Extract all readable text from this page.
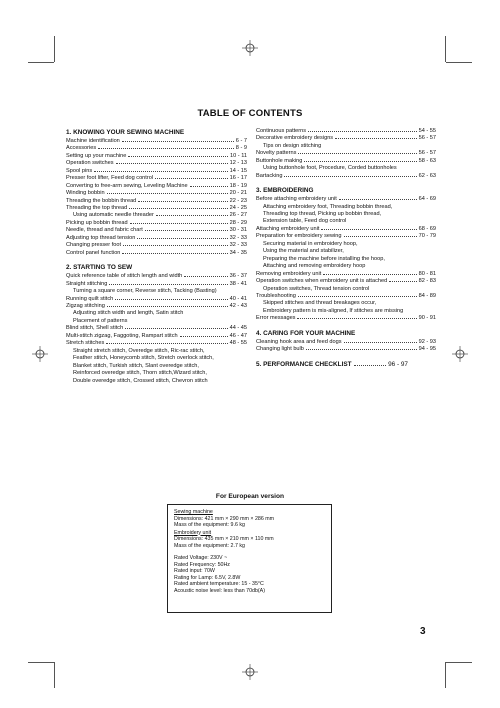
TABLE OF CONTENTS
1. KNOWING YOUR SEWING MACHINE
Machine identification	6 - 7
Accessories	8 - 9
Setting up your machine	10 - 11
Operation switches	12 - 13
Spool pins	14 - 15
Presser foot lifter, Feed dog control	16 - 17
Converting to free-arm sewing, Leveling Machine	18 - 19
Winding bobbin	20 - 21
Threading the bobbin thread	22 - 23
Threading the top thread	24 - 25
Using automatic needle threader	26 - 27
Picking up bobbin thread	28 - 29
Needle, thread and fabric chart	30 - 31
Adjusting top thread tension	32 - 33
Changing presser foot	32 - 33
Control panel function	34 - 35
2. STARTING TO SEW
Quick reference table of stitch length and width	36 - 37
Straight stitching	38 - 41
Turning a square corner, Reverse stitch, Tacking (Basting)
Running quilt stitch	40 - 41
Zigzag stitching	42 - 43
Adjusting stitch width and length, Satin stitch
Placement of patterns
Blind stitch, Shell stitch	44 - 45
Multi-stitch zigzag, Faggoting, Rampart stitch	46 - 47
Stretch stitches	48 - 55
Straight stretch stitch, Overedge stitch, Ric-rac stitch,
Feather stitch, Honeycomb stitch, Stretch overlock stitch,
Blanket stitch, Turkish stitch, Slant overedge stitch,
Reinforced overedge stitch, Thorn stitch,Wizard stitch,
Double overedge stitch, Crossed stitch, Chevron stitch
Continuous patterns	54 - 55
Decorative embroidery designs	56 - 57
Tips on design stitching
Novelty patterns	56 - 57
Buttonhole making	58 - 63
Using buttonhole foot, Procedure, Corded buttonholes
Bartacking	62 - 63
3. EMBROIDERING
Before attaching embroidery unit	64 - 69
Attaching embroidery foot, Threading bobbin thread,
Threading top thread, Picking up bobbin thread,
Extension table, Feed dog control
Attaching embroidery unit	68 - 69
Preparation for embroidery sewing	70 - 79
Securing material in embroidery hoop,
Using the material and stabilizer,
Preparing the machine before installing the hoop,
Attaching and removing embroidery hoop
Removing embroidery unit	80 - 81
Operation switches when embroidery unit is attached	82 - 83
Operation switches, Thread tension control
Troubleshooting	84 - 89
Skipped stitches and thread breakages occur,
Embroidery pattern is mis-aligned, If stitches are missing
Error messages	90 - 91
4. CARING FOR YOUR MACHINE
Cleaning hook area and feed dogs	92 - 93
Changing light bulb	94 - 95
5. PERFORMANCE CHECKLIST	96 - 97
For European version
Sewing machine
Dimensions: 421 mm × 290 mm × 286 mm
Mass of the equipment: 9.6 kg
Embroidery unit
Dimensions: 435 mm × 210 mm × 110 mm
Mass of the equipment: 2.7 kg
Rated Voltage: 230V ~
Rated Frequency: 50Hz
Rated input: 70W
Rating for Lamp: 6.5V, 2.8W
Rated ambient temperature: 15 - 35°C
Acoustic noise level: less than 70db(A)
3
